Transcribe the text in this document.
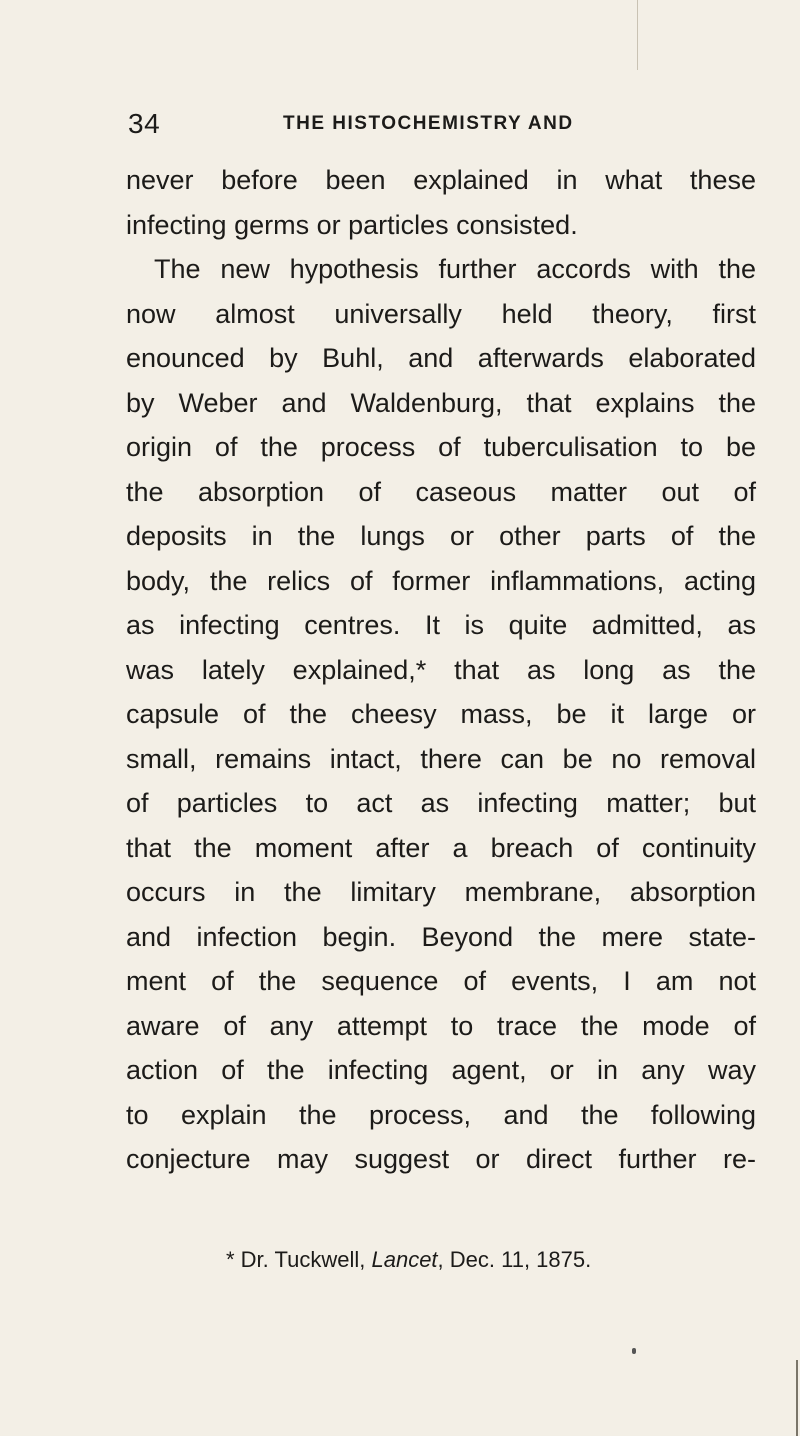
34	THE HISTOCHEMISTRY AND
never before been explained in what these
infecting germs or particles consisted.
The new hypothesis further accords with the
now almost universally held theory, first
enounced by Buhl, and afterwards elaborated
by Weber and Waldenburg, that explains the
origin of the process of tuberculisation to be
the absorption of caseous matter out of
deposits in the lungs or other parts of the
body, the relics of former inflammations, acting
as infecting centres. It is quite admitted, as
was lately explained,* that as long as the
capsule of the cheesy mass, be it large or
small, remains intact, there can be no removal
of particles to act as infecting matter; but
that the moment after a breach of continuity
occurs in the limitary membrane, absorption
and infection begin. Beyond the mere state-
ment of the sequence of events, I am not
aware of any attempt to trace the mode of
action of the infecting agent, or in any way
to explain the process, and the following
conjecture may suggest or direct further re-
* Dr. Tuckwell, Lancet, Dec. 11, 1875.
